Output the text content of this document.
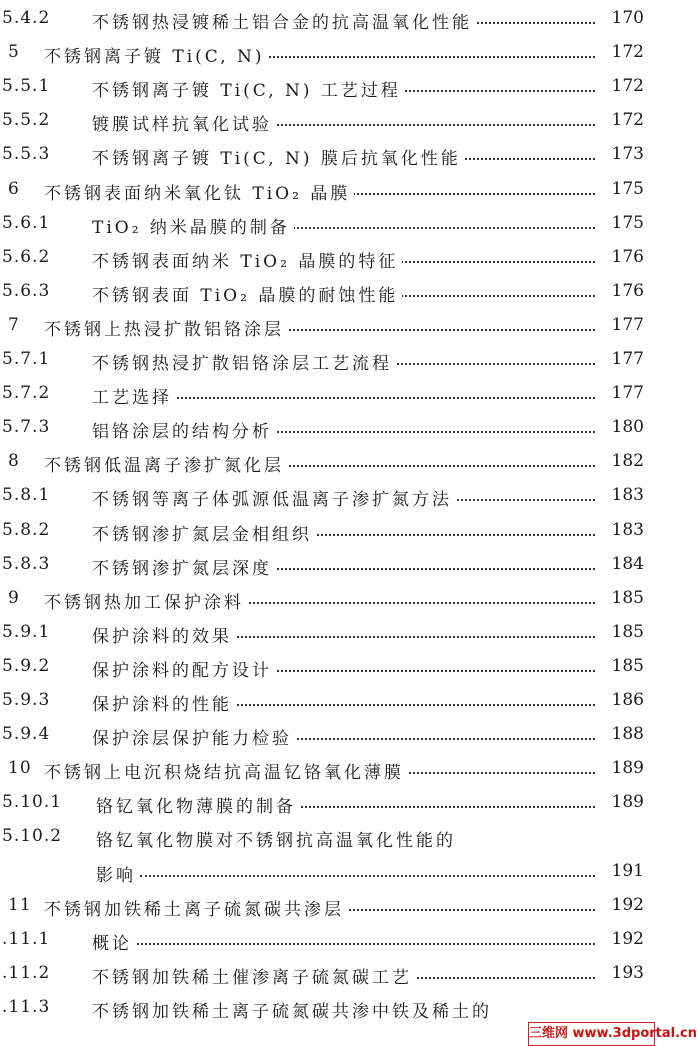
5.4.2 不锈钢热浸镀稀土铝合金的抗高温氧化性能	170
5 不锈钢离子镀 Ti(C, N)	172
5.5.1 不锈钢离子镀 Ti(C, N) 工艺过程	172
5.5.2 镀膜试样抗氧化试验	172
5.5.3 不锈钢离子镀 Ti(C, N) 膜后抗氧化性能	173
6 不锈钢表面纳米氧化钛 TiO₂ 晶膜	175
5.6.1 TiO₂ 纳米晶膜的制备	175
5.6.2 不锈钢表面纳米 TiO₂ 晶膜的特征	176
5.6.3 不锈钢表面 TiO₂ 晶膜的耐蚀性能	176
7 不锈钢上热浸扩散铝铬涂层	177
5.7.1 不锈钢热浸扩散铝铬涂层工艺流程	177
5.7.2 工艺选择	177
5.7.3 铝铬涂层的结构分析	180
8 不锈钢低温离子渗扩氮化层	182
5.8.1 不锈钢等离子体弧源低温离子渗扩氮方法	183
5.8.2 不锈钢渗扩氮层金相组织	183
5.8.3 不锈钢渗扩氮层深度	184
9 不锈钢热加工保护涂料	185
5.9.1 保护涂料的效果	185
5.9.2 保护涂料的配方设计	185
5.9.3 保护涂料的性能	186
5.9.4 保护涂层保护能力检验	188
10 不锈钢上电沉积烧结抗高温钇铬氧化薄膜	189
5.10.1 铬钇氧化物薄膜的制备	189
5.10.2 铬钇氧化物膜对不锈钢抗高温氧化性能的
影响	191
11 不锈钢加铁稀土离子硫氮碳共渗层	192
.11.1 概论	192
.11.2 不锈钢加铁稀土催渗离子硫氮碳工艺	193
.11.3 不锈钢加铁稀土离子硫氮碳共渗中铁及稀土的
三维网 www.3dportal.cn
